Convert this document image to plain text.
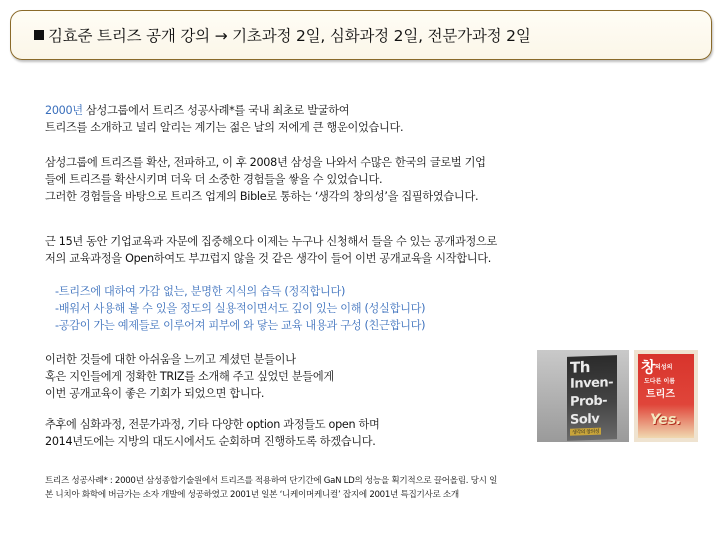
김효준 트리즈 공개 강의 → 기초과정 2일, 심화과정 2일, 전문가과정 2일
2000년 삼성그룹에서 트리즈 성공사례*를 국내 최초로 발굴하여
트리즈를 소개하고 널리 알리는 계기는 젊은 날의 저에게 큰 행운이었습니다.
삼성그룹에 트리즈를 확산, 전파하고, 이 후 2008년 삼성을 나와서 수많은 한국의 글로벌 기업
들에 트리즈를 확산시키며 더욱 더 소중한 경험들을 쌓을 수 있었습니다.
그러한 경험들을 바탕으로 트리즈 업계의 Bible로 통하는 ‘생각의 창의성’을 집필하였습니다.
근 15년 동안 기업교육과 자문에 집중해오다 이제는 누구나 신청해서 들을 수 있는 공개과정으로
저의 교육과정을 Open하여도 부끄럽지 않을 것 같은 생각이 들어 이번 공개교육을 시작합니다.
-트리즈에 대하여 가감 없는, 분명한 지식의 습득 (정직합니다)
-배워서 사용해 볼 수 있을 정도의 실용적이면서도 깊이 있는 이해 (성실합니다)
-공감이 가는 예제들로 이루어져 피부에 와 닿는 교육 내용과 구성 (친근합니다)
이러한 것들에 대한 아쉬움을 느끼고 계셨던 분들이나
혹은 지인들에게 정확한 TRIZ를 소개해 주고 싶었던 분들에게
이번 공개교육이 좋은 기회가 되었으면 합니다.
추후에 심화과정, 전문가과정, 기타 다양한 option 과정들도 open 하며
2014년도에는 지방의 대도시에서도 순회하며 진행하도록 하겠습니다.
트리즈 성공사례* : 2000년 삼성종합기술원에서 트리즈를 적용하여 단기간에 GaN LD의 성능을 획기적으로 끌어올림. 당시 일
본 니치아 화학에 버금가는 소자 개발에 성공하였고 2001년 일본 ‘니케이머케니컬’ 잡지에 2001년 특집기사로 소개
Th
Inven-
Prob-
Solv
생각의 창의성
창 의성의
도다른 이름
트리즈
Yes.
